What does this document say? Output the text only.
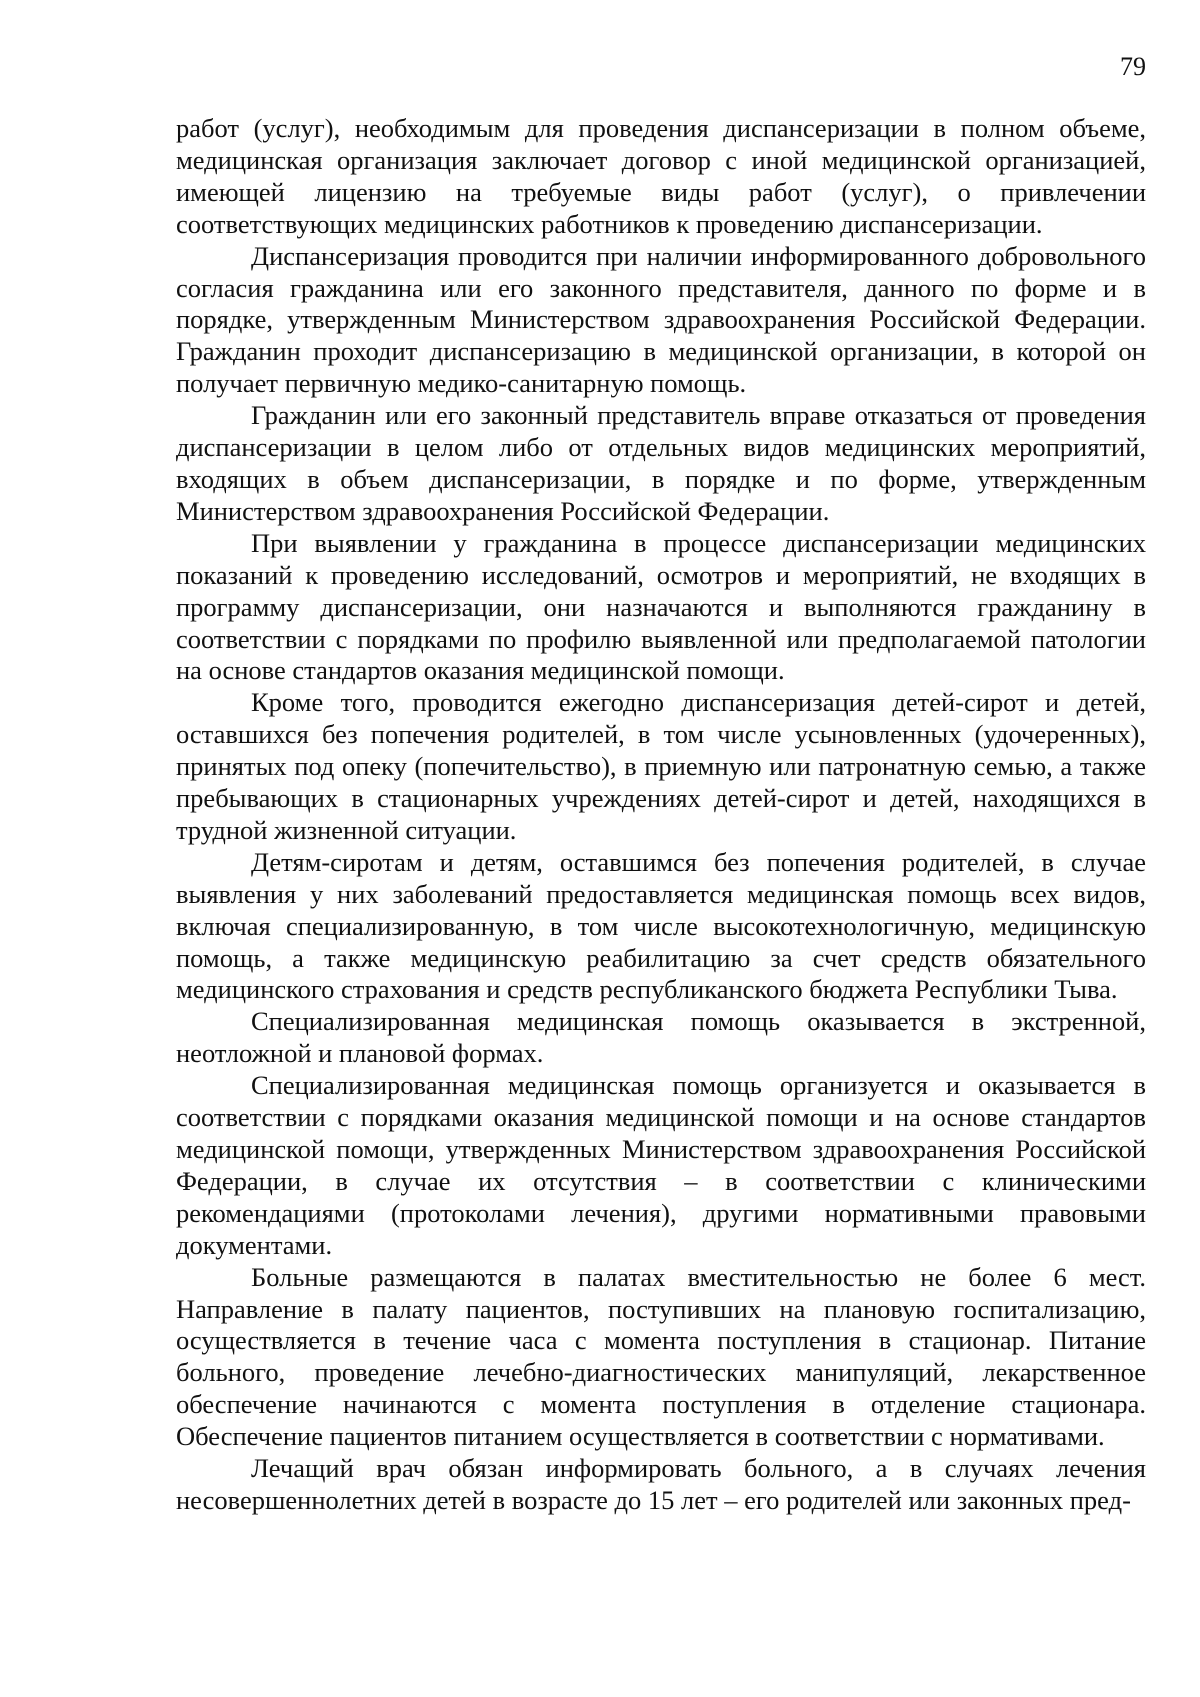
79

работ (услуг), необходимым для проведения диспансеризации в полном объеме, медицинская организация заключает договор с иной медицинской организацией, имеющей лицензию на требуемые виды работ (услуг), о привлечении соответствующих медицинских работников к проведению диспансеризации.

Диспансеризация проводится при наличии информированного добровольного согласия гражданина или его законного представителя, данного по форме и в порядке, утвержденным Министерством здравоохранения Российской Федерации. Гражданин проходит диспансеризацию в медицинской организации, в которой он получает первичную медико-санитарную помощь.

Гражданин или его законный представитель вправе отказаться от проведения диспансеризации в целом либо от отдельных видов медицинских мероприятий, входящих в объем диспансеризации, в порядке и по форме, утвержденным Министерством здравоохранения Российской Федерации.

При выявлении у гражданина в процессе диспансеризации медицинских показаний к проведению исследований, осмотров и мероприятий, не входящих в программу диспансеризации, они назначаются и выполняются гражданину в соответствии с порядками по профилю выявленной или предполагаемой патологии на основе стандартов оказания медицинской помощи.

Кроме того, проводится ежегодно диспансеризация детей-сирот и детей, оставшихся без попечения родителей, в том числе усыновленных (удочеренных), принятых под опеку (попечительство), в приемную или патронатную семью, а также пребывающих в стационарных учреждениях детей-сирот и детей, находящихся в трудной жизненной ситуации.

Детям-сиротам и детям, оставшимся без попечения родителей, в случае выявления у них заболеваний предоставляется медицинская помощь всех видов, включая специализированную, в том числе высокотехнологичную, медицинскую помощь, а также медицинскую реабилитацию за счет средств обязательного медицинского страхования и средств республиканского бюджета Республики Тыва.

Специализированная медицинская помощь оказывается в экстренной, неотложной и плановой формах.

Специализированная медицинская помощь организуется и оказывается в соответствии с порядками оказания медицинской помощи и на основе стандартов медицинской помощи, утвержденных Министерством здравоохранения Российской Федерации, в случае их отсутствия – в соответствии с клиническими рекомендациями (протоколами лечения), другими нормативными правовыми документами.

Больные размещаются в палатах вместительностью не более 6 мест. Направление в палату пациентов, поступивших на плановую госпитализацию, осуществляется в течение часа с момента поступления в стационар. Питание больного, проведение лечебно-диагностических манипуляций, лекарственное обеспечение начинаются с момента поступления в отделение стационара. Обеспечение пациентов питанием осуществляется в соответствии с нормативами.

Лечащий врач обязан информировать больного, а в случаях лечения несовершеннолетних детей в возрасте до 15 лет – его родителей или законных пред-
